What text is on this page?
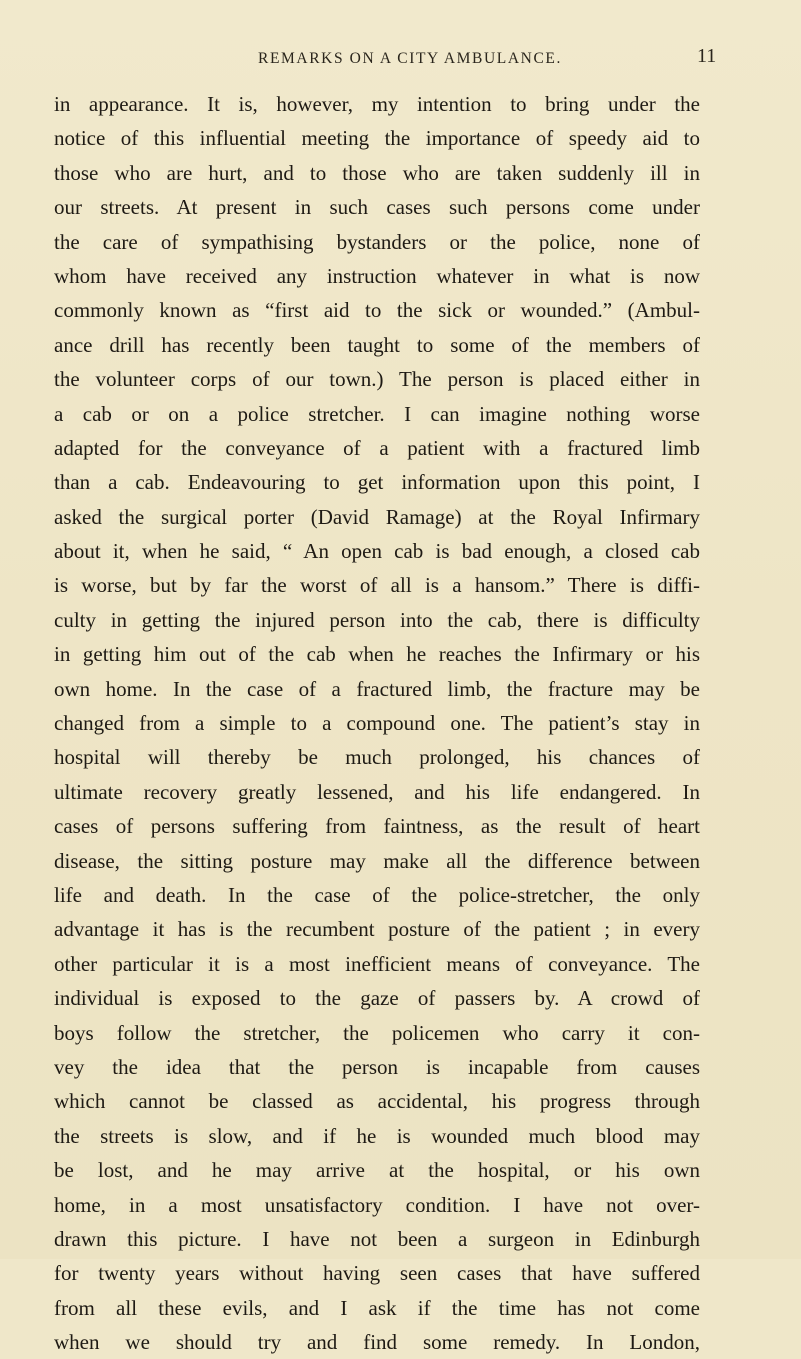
REMARKS ON A CITY AMBULANCE.	11
in appearance. It is, however, my intention to bring under the
notice of this influential meeting the importance of speedy aid to
those who are hurt, and to those who are taken suddenly ill in
our streets. At present in such cases such persons come under
the care of sympathising bystanders or the police, none of
whom have received any instruction whatever in what is now
commonly known as “first aid to the sick or wounded.” (Ambul-
ance drill has recently been taught to some of the members of
the volunteer corps of our town.) The person is placed either in
a cab or on a police stretcher. I can imagine nothing worse
adapted for the conveyance of a patient with a fractured limb
than a cab. Endeavouring to get information upon this point, I
asked the surgical porter (David Ramage) at the Royal Infirmary
about it, when he said, “ An open cab is bad enough, a closed cab
is worse, but by far the worst of all is a hansom.” There is diffi-
culty in getting the injured person into the cab, there is difficulty
in getting him out of the cab when he reaches the Infirmary or his
own home. In the case of a fractured limb, the fracture may be
changed from a simple to a compound one. The patient’s stay in
hospital will thereby be much prolonged, his chances of
ultimate recovery greatly lessened, and his life endangered. In
cases of persons suffering from faintness, as the result of heart
disease, the sitting posture may make all the difference between
life and death. In the case of the police-stretcher, the only
advantage it has is the recumbent posture of the patient ; in every
other particular it is a most inefficient means of conveyance. The
individual is exposed to the gaze of passers by. A crowd of
boys follow the stretcher, the policemen who carry it con-
vey the idea that the person is incapable from causes
which cannot be classed as accidental, his progress through
the streets is slow, and if he is wounded much blood may
be lost, and he may arrive at the hospital, or his own
home, in a most unsatisfactory condition. I have not over-
drawn this picture. I have not been a surgeon in Edinburgh
for twenty years without having seen cases that have suffered
from all these evils, and I ask if the time has not come
when we should try and find some remedy. In London,
